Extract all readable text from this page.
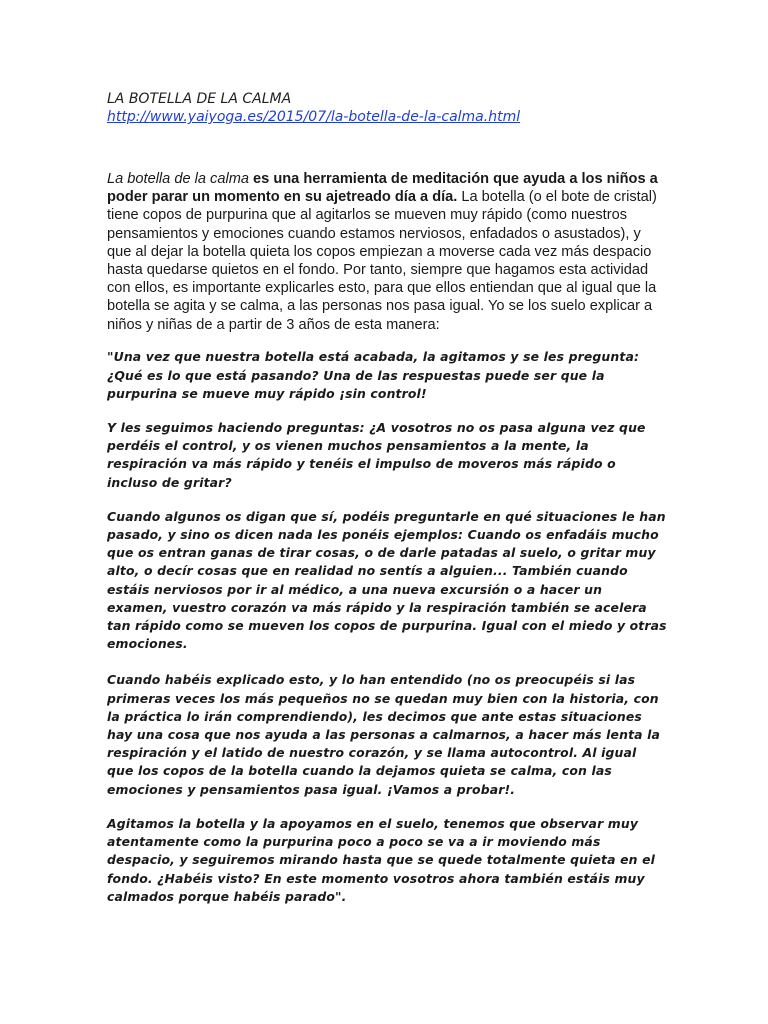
LA BOTELLA DE LA CALMA

http://www.yaiyoga.es/2015/07/la-botella-de-la-calma.html

La botella de la calma es una herramienta de meditación que ayuda a los niños a poder parar un momento en su ajetreado día a día. La botella (o el bote de cristal) tiene copos de purpurina que al agitarlos se mueven muy rápido (como nuestros pensamientos y emociones cuando estamos nerviosos, enfadados o asustados), y que al dejar la botella quieta los copos empiezan a moverse cada vez más despacio hasta quedarse quietos en el fondo. Por tanto, siempre que hagamos esta actividad con ellos, es importante explicarles esto, para que ellos entiendan que al igual que la botella se agita y se calma, a las personas nos pasa igual. Yo se los suelo explicar a niños y niñas de a partir de 3 años de esta manera:

"Una vez que nuestra botella está acabada, la agitamos y se les pregunta: ¿Qué es lo que está pasando? Una de las respuestas puede ser que la purpurina se mueve muy rápido ¡sin control!

Y les seguimos haciendo preguntas: ¿A vosotros no os pasa alguna vez que perdéis el control, y os vienen muchos pensamientos a la mente, la respiración va más rápido y tenéis el impulso de moveros más rápido o incluso de gritar?

Cuando algunos os digan que sí, podéis preguntarle en qué situaciones le han pasado, y sino os dicen nada les ponéis ejemplos: Cuando os enfadáis mucho que os entran ganas de tirar cosas, o de darle patadas al suelo, o gritar muy alto, o decír cosas que en realidad no sentís a alguien... También cuando estáis nerviosos por ir al médico, a una nueva excursión o a hacer un examen, vuestro corazón va más rápido y la respiración también se acelera tan rápido como se mueven los copos de purpurina. Igual con el miedo y otras emociones.

Cuando habéis explicado esto, y lo han entendido (no os preocupéis si las primeras veces los más pequeños no se quedan muy bien con la historia, con la práctica lo irán comprendiendo), les decimos que ante estas situaciones hay una cosa que nos ayuda a las personas a calmarnos, a hacer más lenta la respiración y el latido de nuestro corazón, y se llama autocontrol. Al igual que los copos de la botella cuando la dejamos quieta se calma, con las emociones y pensamientos pasa igual. ¡Vamos a probar!.

Agitamos la botella y la apoyamos en el suelo, tenemos que observar muy atentamente como la purpurina poco a poco se va a ir moviendo más despacio, y seguiremos mirando hasta que se quede totalmente quieta en el fondo. ¿Habéis visto? En este momento vosotros ahora también estáis muy calmados porque habéis parado".
